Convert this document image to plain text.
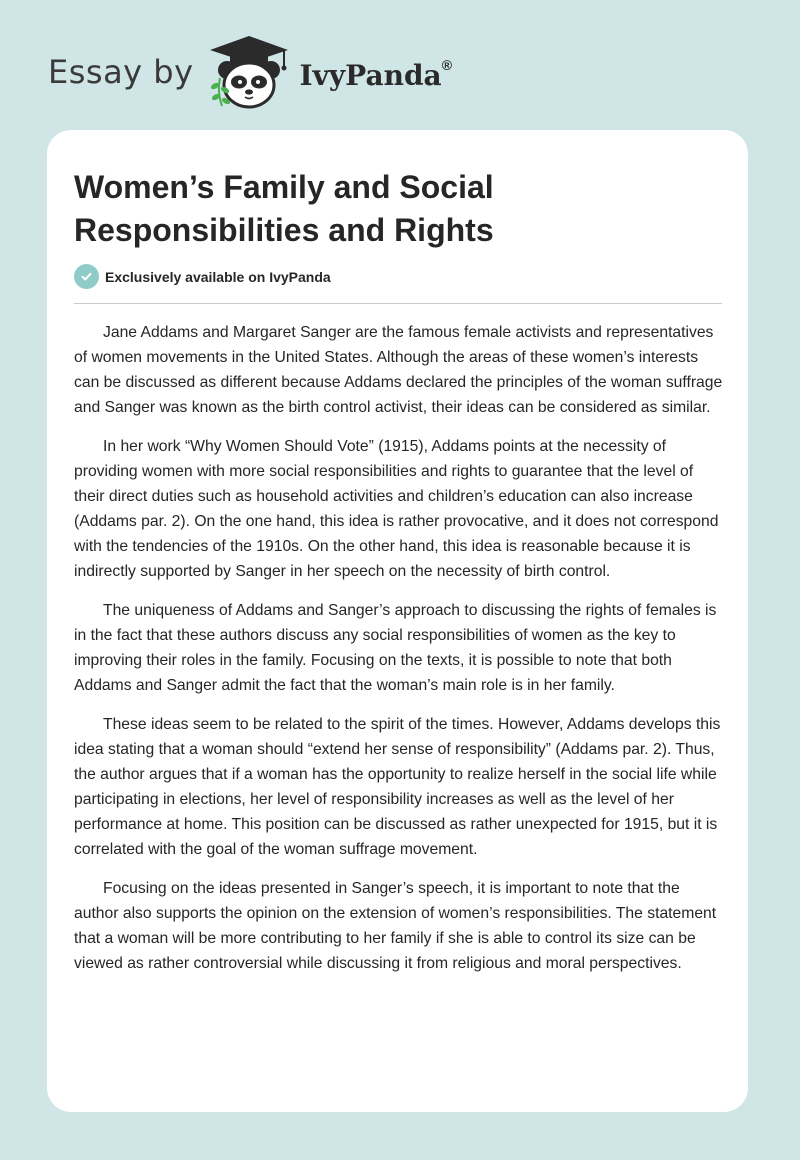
Essay by	IvyPanda®
Women’s Family and Social Responsibilities and Rights
Exclusively available on IvyPanda

Jane Addams and Margaret Sanger are the famous female activists and representatives of women movements in the United States. Although the areas of these women’s interests can be discussed as different because Addams declared the principles of the woman suffrage and Sanger was known as the birth control activist, their ideas can be considered as similar.

In her work “Why Women Should Vote” (1915), Addams points at the necessity of providing women with more social responsibilities and rights to guarantee that the level of their direct duties such as household activities and children’s education can also increase (Addams par. 2). On the one hand, this idea is rather provocative, and it does not correspond with the tendencies of the 1910s. On the other hand, this idea is reasonable because it is indirectly supported by Sanger in her speech on the necessity of birth control.

The uniqueness of Addams and Sanger’s approach to discussing the rights of females is in the fact that these authors discuss any social responsibilities of women as the key to improving their roles in the family. Focusing on the texts, it is possible to note that both Addams and Sanger admit the fact that the woman’s main role is in her family.

These ideas seem to be related to the spirit of the times. However, Addams develops this idea stating that a woman should “extend her sense of responsibility” (Addams par. 2). Thus, the author argues that if a woman has the opportunity to realize herself in the social life while participating in elections, her level of responsibility increases as well as the level of her performance at home. This position can be discussed as rather unexpected for 1915, but it is correlated with the goal of the woman suffrage movement.

Focusing on the ideas presented in Sanger’s speech, it is important to note that the author also supports the opinion on the extension of women’s responsibilities. The statement that a woman will be more contributing to her family if she is able to control its size can be viewed as rather controversial while discussing it from religious and moral perspectives.
